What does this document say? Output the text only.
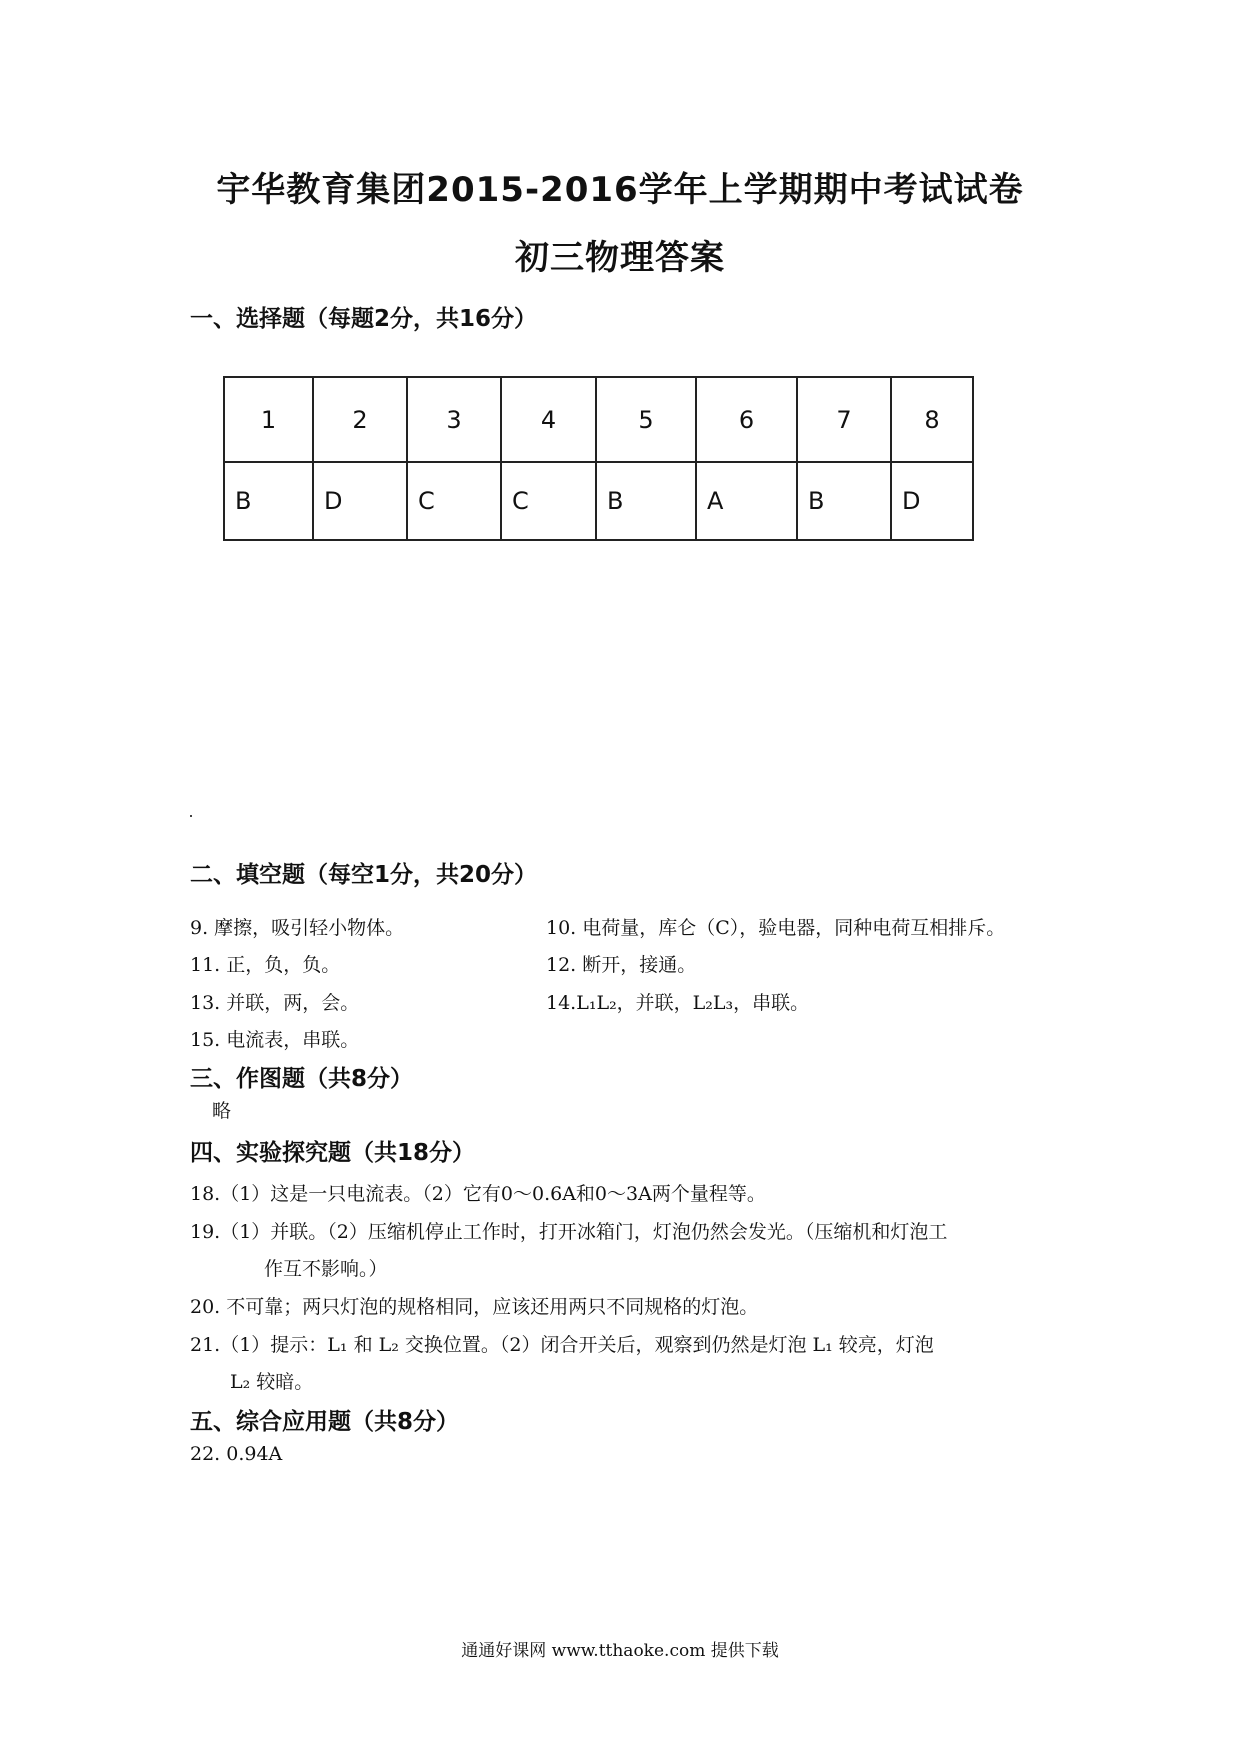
宇华教育集团2015-2016学年上学期期中考试试卷
初三物理答案
一、选择题（每题2分，共16分）
1	2	3	4	5	6	7	8
B	D	C	C	B	A	B	D
二、填空题（每空1分，共20分）
9. 摩擦，吸引轻小物体。	10. 电荷量，库仑（C），验电器，同种电荷互相排斥。
11. 正，负，负。	12. 断开，接通。
13. 并联，两，会。	14.L₁L₂，并联，L₂L₃，串联。
15. 电流表，串联。
三、作图题（共8分）
略
四、实验探究题（共18分）
18.（1）这是一只电流表。（2）它有0～0.6A和0～3A两个量程等。
19.（1）并联。（2）压缩机停止工作时，打开冰箱门，灯泡仍然会发光。（压缩机和灯泡工
作互不影响。）
20. 不可靠；两只灯泡的规格相同，应该还用两只不同规格的灯泡。
21.（1）提示：L₁ 和 L₂ 交换位置。（2）闭合开关后，观察到仍然是灯泡 L₁ 较亮，灯泡
L₂ 较暗。
五、综合应用题（共8分）
22. 0.94A
通通好课网 www.tthaoke.com 提供下载
